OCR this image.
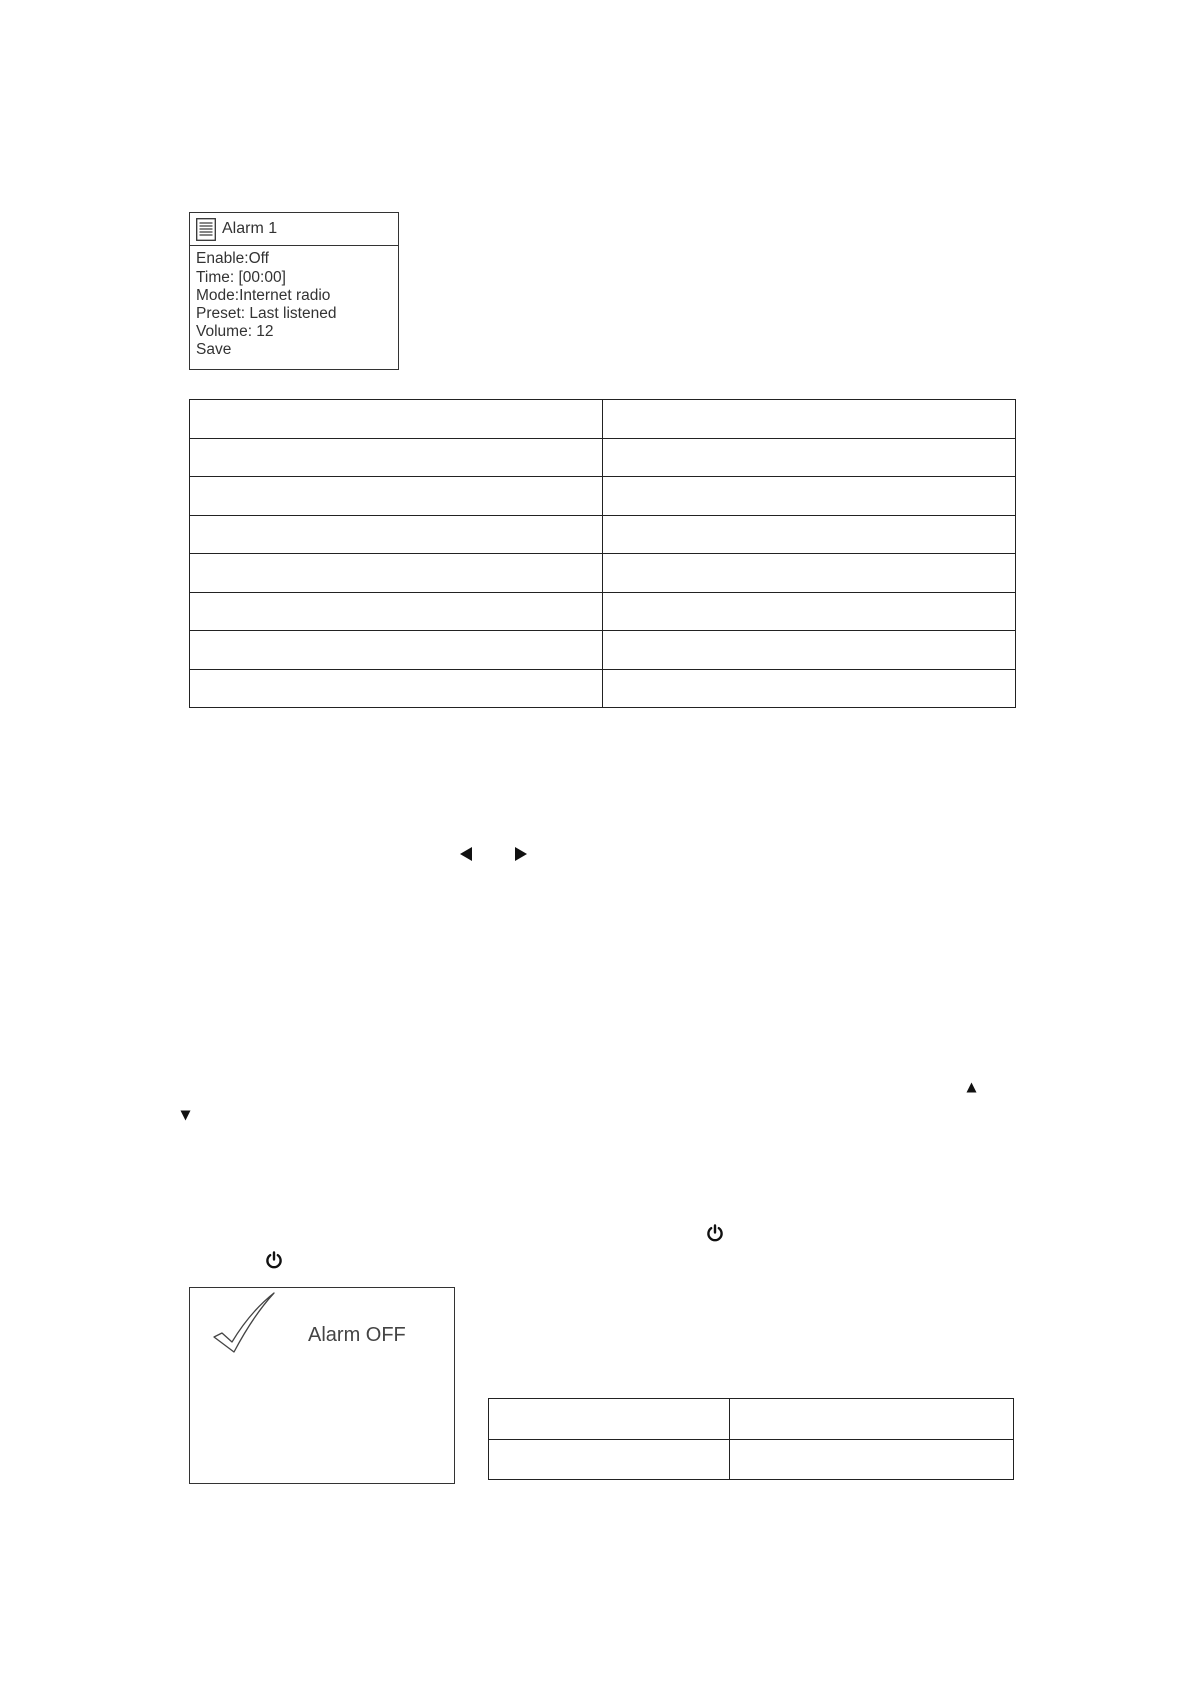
Alarm 1
Enable:Off
Time: [00:00]
Mode:Internet radio
Preset: Last listened
Volume: 12
Save

Alarm OFF
